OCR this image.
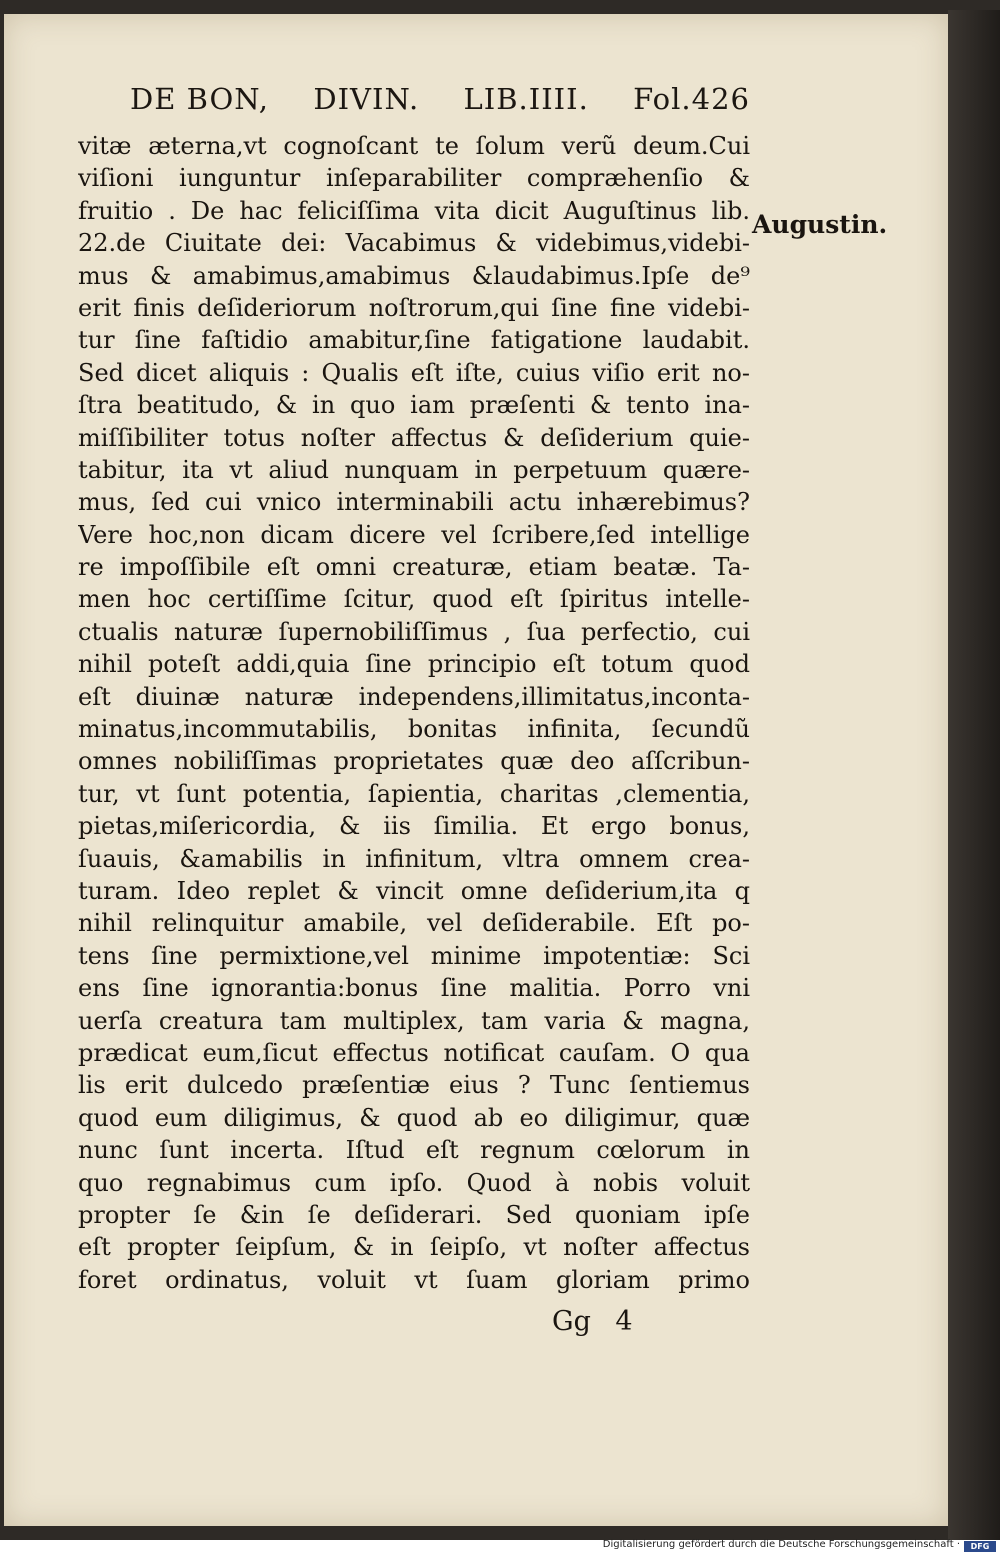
DE BON, DIVIN. LIB.IIII. Fol.426
Augustin.
vitæ æterna,vt cognoſcant te ſolum verũ deum.Cui
viſioni iunguntur inſeparabiliter compræhenſio &
fruitio . De hac feliciſſima vita dicit Auguſtinus lib.
22.de Ciuitate dei: Vacabimus & videbimus,videbi-
mus & amabimus,amabimus &laudabimus.Ipſe de⁹
erit finis deſideriorum noſtrorum,qui ſine fine videbi-
tur ſine faſtidio amabitur,ſine fatigatione laudabit.
Sed dicet aliquis : Qualis eſt iſte, cuius viſio erit no-
ſtra beatitudo, & in quo iam præſenti & tento ina-
miſſibiliter totus noſter affectus & deſiderium quie-
tabitur, ita vt aliud nunquam in perpetuum quære-
mus, ſed cui vnico interminabili actu inhærebimus?
Vere hoc,non dicam dicere vel ſcribere,ſed intellige
re impoſſibile eſt omni creaturæ, etiam beatæ. Ta-
men hoc certiſſime ſcitur, quod eſt ſpiritus intelle-
ctualis naturæ ſupernobiliſſimus , ſua perfectio, cui
nihil poteſt addi,quia ſine principio eſt totum quod
eſt diuinæ naturæ independens,illimitatus,inconta-
minatus,incommutabilis, bonitas infinita, ſecundũ
omnes nobiliſſimas proprietates quæ deo aſſcribun-
tur, vt ſunt potentia, ſapientia, charitas ,clementia,
pietas,miſericordia, & iis ſimilia. Et ergo bonus,
ſuauis, &amabilis in infinitum, vltra omnem crea-
turam. Ideo replet & vincit omne deſiderium,ita q
nihil relinquitur amabile, vel deſiderabile. Eſt po-
tens ſine permixtione,vel minime impotentiæ: Sci
ens ſine ignorantia:bonus ſine malitia. Porro vni
uerſa creatura tam multiplex, tam varia & magna,
prædicat eum,ſicut effectus notificat cauſam. O qua
lis erit dulcedo præſentiæ eius ? Tunc ſentiemus
quod eum diligimus, & quod ab eo diligimur, quæ
nunc ſunt incerta. Iſtud eſt regnum cœlorum in
quo regnabimus cum ipſo. Quod à nobis voluit
propter ſe &in ſe deſiderari. Sed quoniam ipſe
eſt propter ſeipſum, & in ſeipſo, vt noſter affectus
foret ordinatus, voluit vt ſuam gloriam primo
Gg 4
Digitalisierung gefördert durch die Deutsche Forschungsgemeinschaft ·	DFG
